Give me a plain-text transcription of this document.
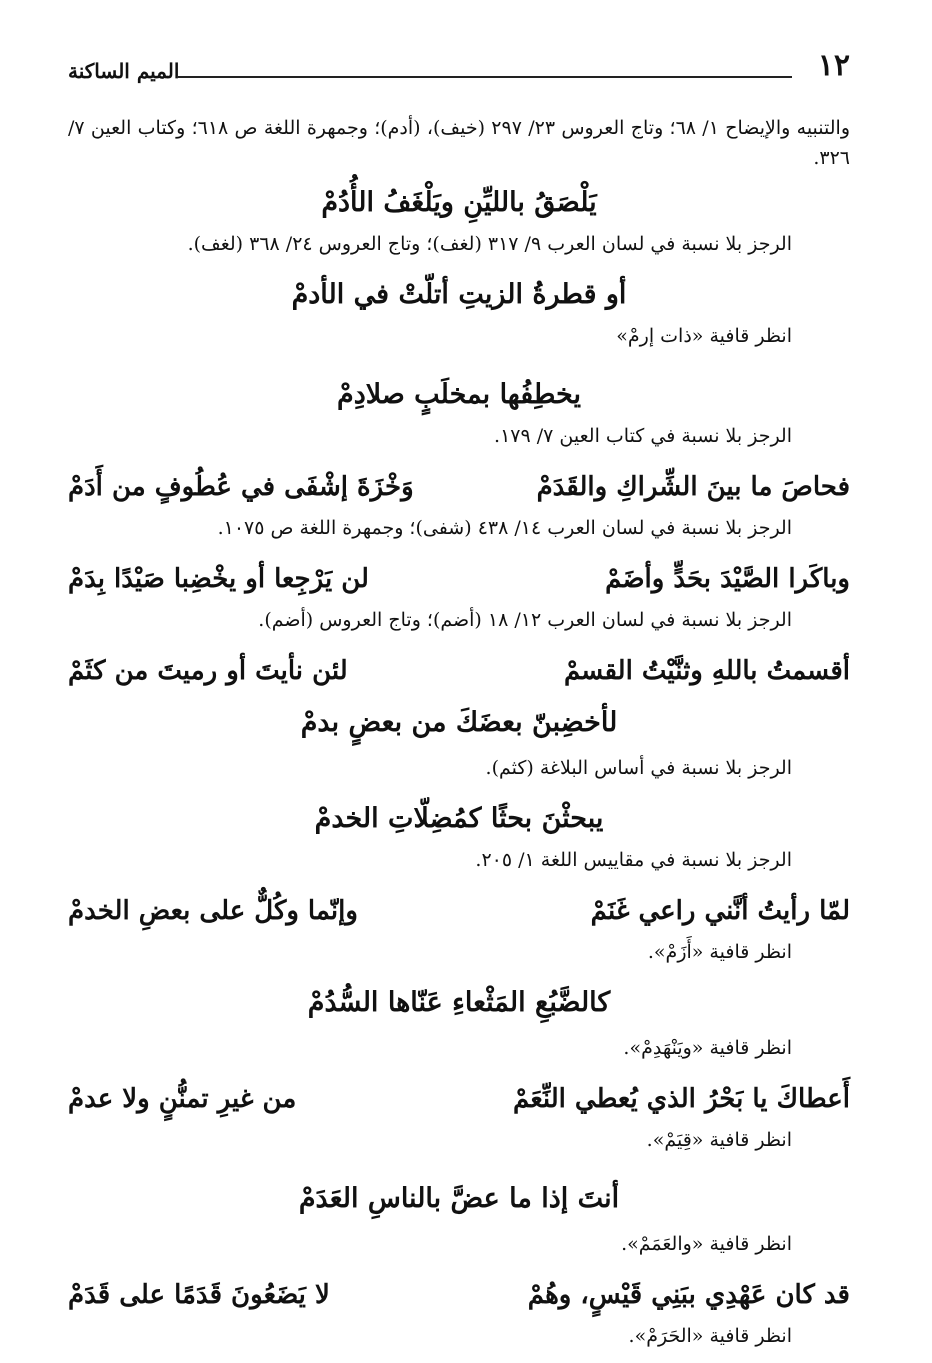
١٢
الميم الساكنة

والتنبيه والإيضاح ١/ ٦٨؛ وتاج العروس ٢٣/ ٢٩٧ (خيف)، (أدم)؛ وجمهرة اللغة ص ٦١٨؛ وكتاب العين ٧/ ٣٢٦.

يَلْصَقُ بالليِّنِ ويَلْغَفُ الأُدُمْ
الرجز بلا نسبة في لسان العرب ٩/ ٣١٧ (لغف)؛ وتاج العروس ٢٤/ ٣٦٨ (لغف).
أو قطرةُ الزيتِ أتلّتْ في الأدمْ
انظر قافية «ذات إرمْ»
يخطِفُها بمخلَبٍ صلادِمْ
الرجز بلا نسبة في كتاب العين ٧/ ١٧٩.
فحاصَ ما بينَ الشِّراكِ والقَدَمْ
وَخْزَةَ إشْفَى في عُطُوفٍ من أَدَمْ
الرجز بلا نسبة في لسان العرب ١٤/ ٤٣٨ (شفى)؛ وجمهرة اللغة ص ١٠٧٥.
وباكَرا الصَّيْدَ بحَدٍّ وأضَمْ
لن يَرْجِعا أو يخْضِبا صَيْدًا بِدَمْ
الرجز بلا نسبة في لسان العرب ١٢/ ١٨ (أضم)؛ وتاج العروس (أضم).
أقسمتُ باللهِ وثنَّيْتُ القسمْ
لئن نأيتَ أو رميتَ من كثَمْ
لأخضِبنّ بعضَكَ من بعضٍ بدمْ
الرجز بلا نسبة في أساس البلاغة (كثم).
يبحثْنَ بحثًا كمُضِلّاتِ الخدمْ
الرجز بلا نسبة في مقاييس اللغة ١/ ٢٠٥.
لمّا رأيتُ أنَّني راعي غَنَمْ
وإنّما وكُلٌّ على بعضِ الخدمْ
انظر قافية «أَزَمْ».
كالضَّبُعِ المَثْعاءِ عَنّاها السُّدُمْ
انظر قافية «ويَنْهَدِمْ».
أَعطاكَ يا بَحْرُ الذي يُعطي النِّعَمْ
من غيرِ تمنُّنٍ ولا عدمْ
انظر قافية «قِيَمْ».
أنتَ إذا ما عضَّ بالناسِ العَدَمْ
انظر قافية «والعَمَمْ».
قد كان عَهْدِي ببَنِي قَيْسٍ، وهُمْ
لا يَضَعُونَ قَدَمًا على قَدَمْ
انظر قافية «الحَرَمْ».
